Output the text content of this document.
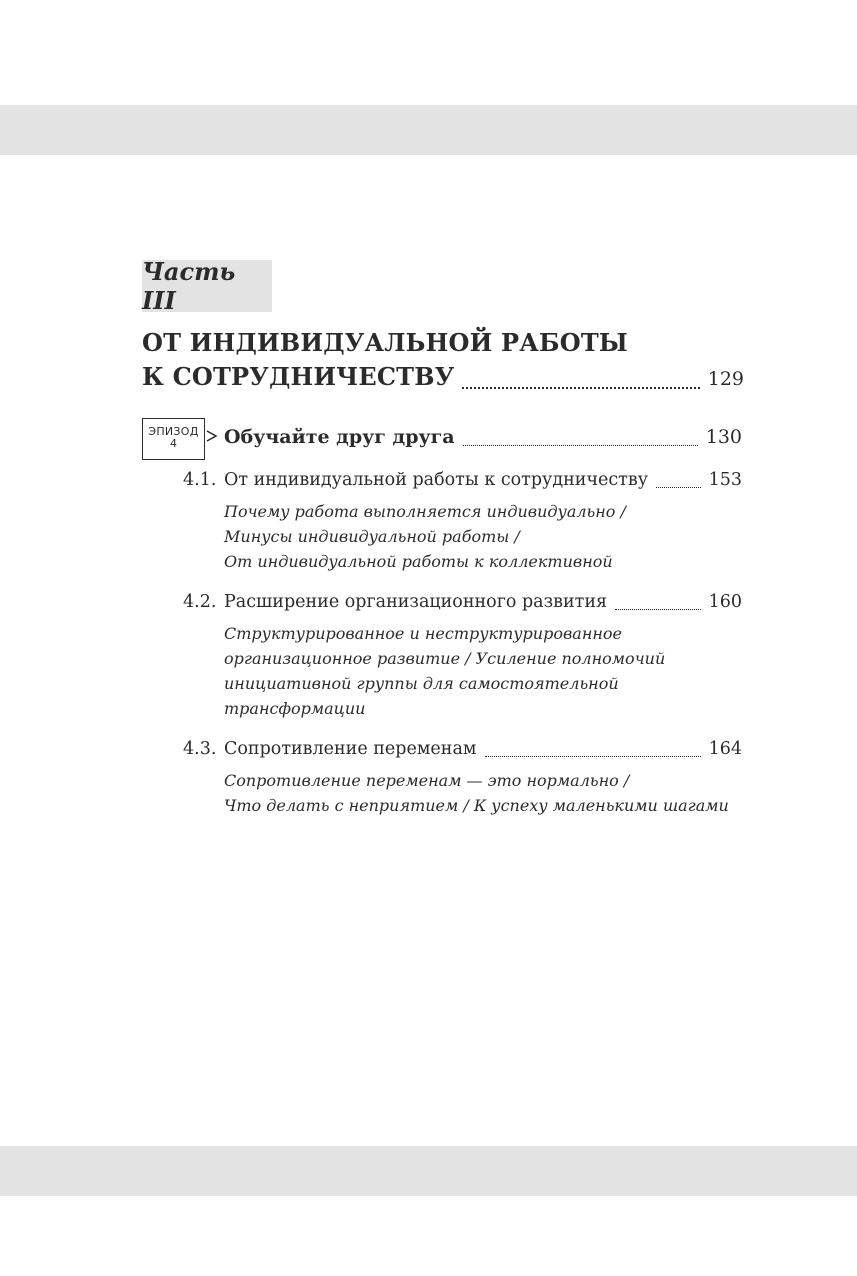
Часть III
ОТ ИНДИВИДУАЛЬНОЙ РАБОТЫ
К СОТРУДНИЧЕСТВУ	129
ЭПИЗОД
4	Обучайте друг друга	130
4.1. От индивидуальной работы к сотрудничеству	153
Почему работа выполняется индивидуально /
Минусы индивидуальной работы /
От индивидуальной работы к коллективной
4.2. Расширение организационного развития	160
Структурированное и неструктурированное
организационное развитие / Усиление полномочий
инициативной группы для самостоятельной
трансформации
4.3. Сопротивление переменам	164
Сопротивление переменам — это нормально /
Что делать с неприятием / К успеху маленькими шагами
